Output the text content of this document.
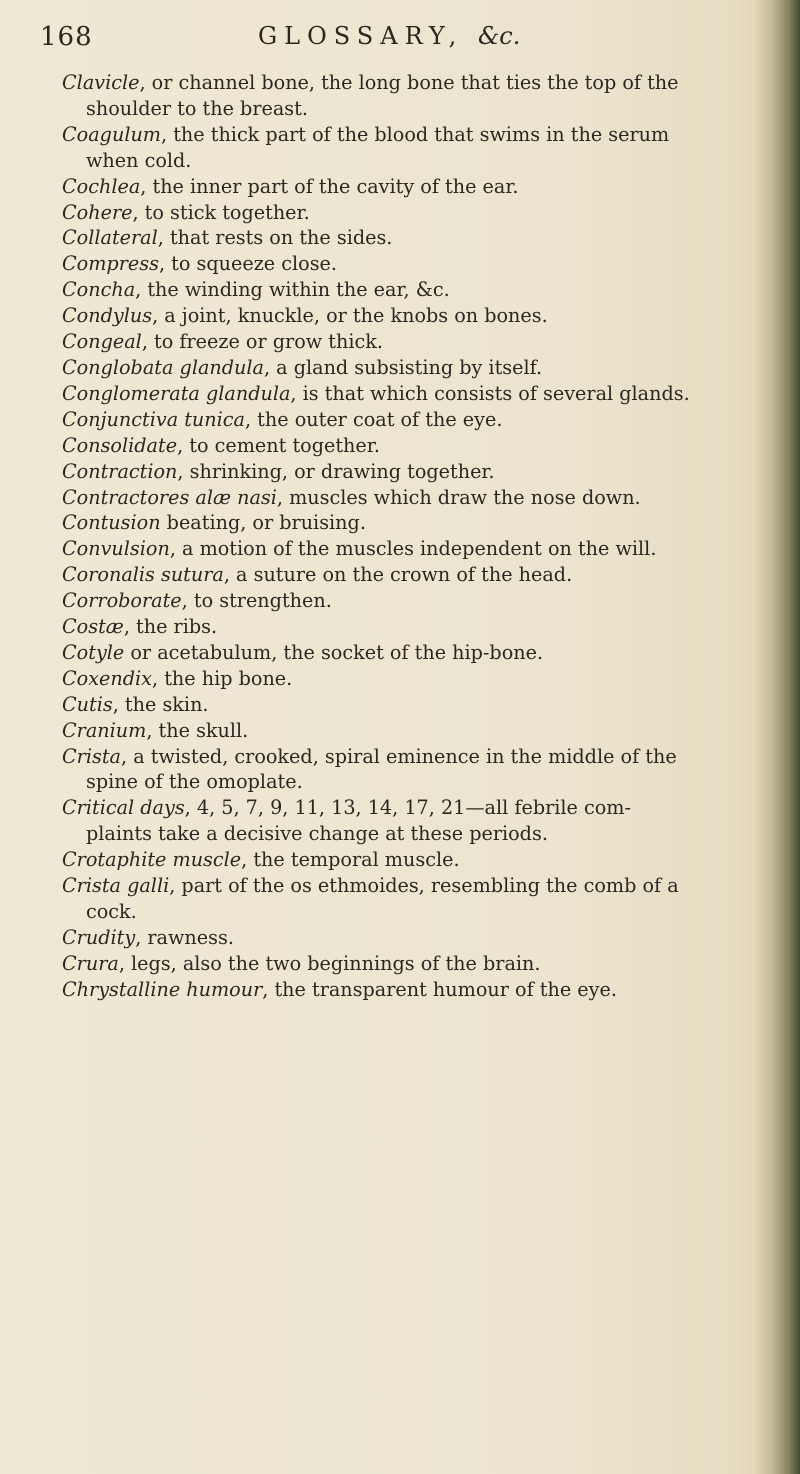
168	GLOSSARY, &c.
Clavicle, or channel bone, the long bone that ties the top of the
shoulder to the breast.
Coagulum, the thick part of the blood that swims in the serum
when cold.
Cochlea, the inner part of the cavity of the ear.
Cohere, to stick together.
Collateral, that rests on the sides.
Compress, to squeeze close.
Concha, the winding within the ear, &c.
Condylus, a joint, knuckle, or the knobs on bones.
Congeal, to freeze or grow thick.
Conglobata glandula, a gland subsisting by itself.
Conglomerata glandula, is that which consists of several glands.
Conjunctiva tunica, the outer coat of the eye.
Consolidate, to cement together.
Contraction, shrinking, or drawing together.
Contractores alæ nasi, muscles which draw the nose down.
Contusion beating, or bruising.
Convulsion, a motion of the muscles independent on the will.
Coronalis sutura, a suture on the crown of the head.
Corroborate, to strengthen.
Costæ, the ribs.
Cotyle or acetabulum, the socket of the hip-bone.
Coxendix, the hip bone.
Cutis, the skin.
Cranium, the skull.
Crista, a twisted, crooked, spiral eminence in the middle of the
spine of the omoplate.
Critical days, 4, 5, 7, 9, 11, 13, 14, 17, 21—all febrile com-
plaints take a decisive change at these periods.
Crotaphite muscle, the temporal muscle.
Crista galli, part of the os ethmoides, resembling the comb of a
cock.
Crudity, rawness.
Crura, legs, also the two beginnings of the brain.
Chrystalline humour, the transparent humour of the eye.
